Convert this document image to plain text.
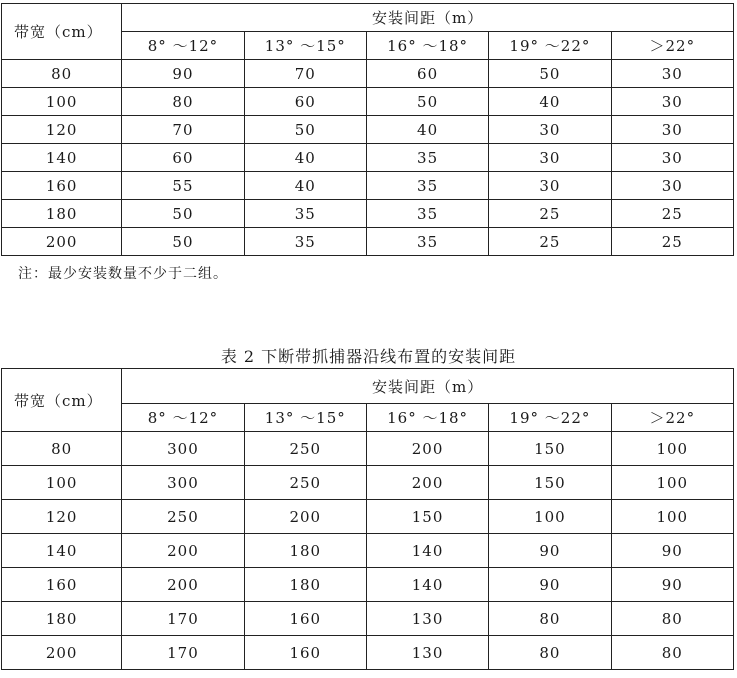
带宽（cm）	安装间距（m）				
	8° ～12°	13° ～15°	16° ～18°	19° ～22°	＞22°
80	90	70	60	50	30
100	80	60	50	40	30
120	70	50	40	30	30
140	60	40	35	30	30
160	55	40	35	30	30
180	50	35	35	25	25
200	50	35	35	25	25
注：最少安装数量不少于二组。
表 2 下断带抓捕器沿线布置的安装间距
带宽（cm）	安装间距（m）				
	8° ～12°	13° ～15°	16° ～18°	19° ～22°	＞22°
80	300	250	200	150	100
100	300	250	200	150	100
120	250	200	150	100	100
140	200	180	140	90	90
160	200	180	140	90	90
180	170	160	130	80	80
200	170	160	130	80	80
